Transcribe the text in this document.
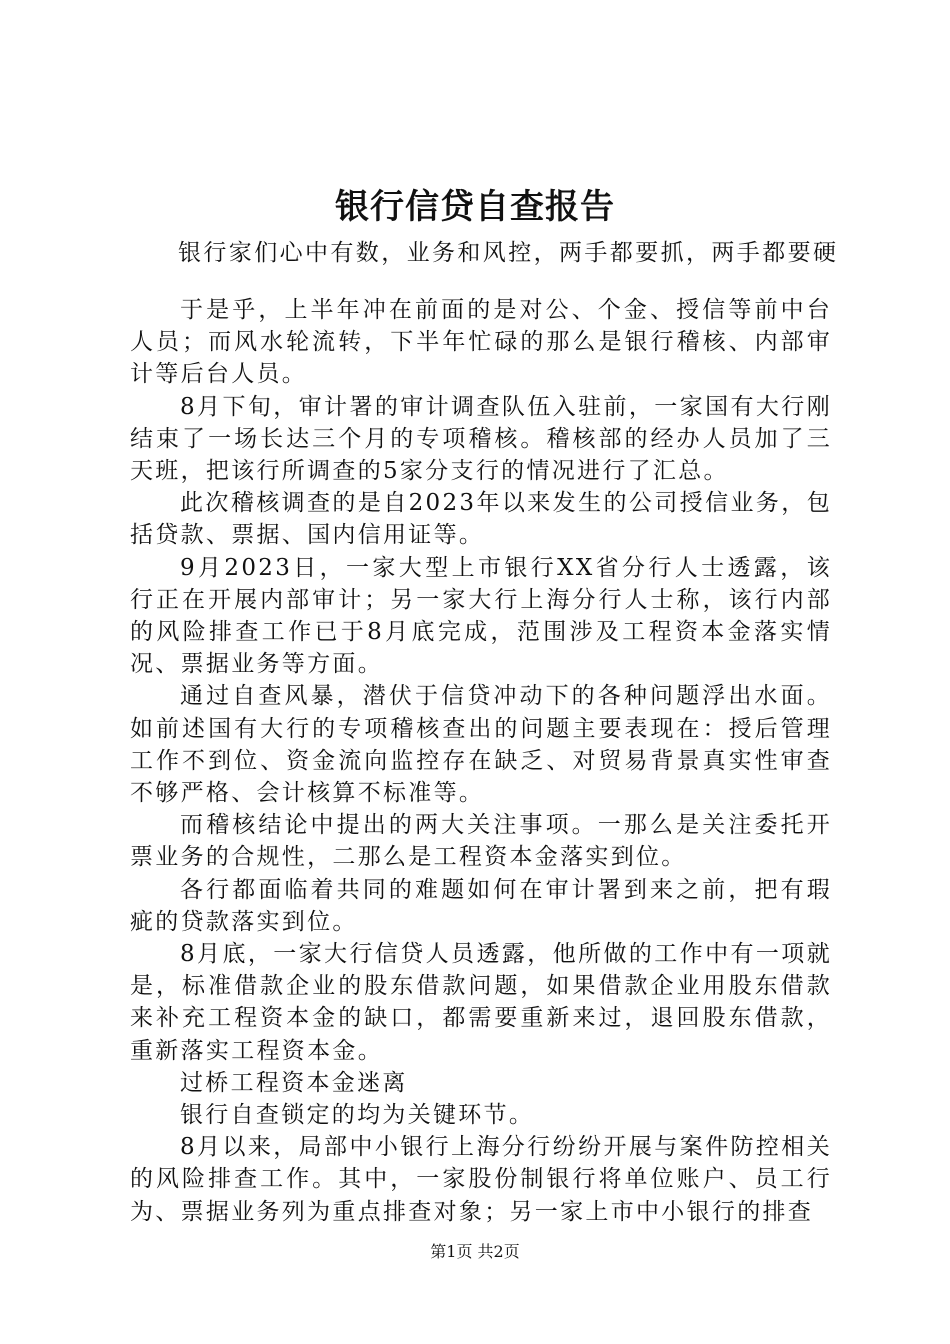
银行信贷自查报告

银行家们心中有数，业务和风控，两手都要抓，两手都要硬

于是乎，上半年冲在前面的是对公、个金、授信等前中台人员；而风水轮流转，下半年忙碌的那么是银行稽核、内部审计等后台人员。

8月下旬，审计署的审计调查队伍入驻前，一家国有大行刚结束了一场长达三个月的专项稽核。稽核部的经办人员加了三天班，把该行所调查的5家分支行的情况进行了汇总。

此次稽核调查的是自2023年以来发生的公司授信业务，包括贷款、票据、国内信用证等。

9月2023日，一家大型上市银行XX省分行人士透露，该行正在开展内部审计；另一家大行上海分行人士称，该行内部的风险排查工作已于8月底完成，范围涉及工程资本金落实情况、票据业务等方面。

通过自查风暴，潜伏于信贷冲动下的各种问题浮出水面。如前述国有大行的专项稽核查出的问题主要表现在：授后管理工作不到位、资金流向监控存在缺乏、对贸易背景真实性审查不够严格、会计核算不标准等。

而稽核结论中提出的两大关注事项。一那么是关注委托开票业务的合规性，二那么是工程资本金落实到位。

各行都面临着共同的难题如何在审计署到来之前，把有瑕疵的贷款落实到位。

8月底，一家大行信贷人员透露，他所做的工作中有一项就是，标准借款企业的股东借款问题，如果借款企业用股东借款来补充工程资本金的缺口，都需要重新来过，退回股东借款，重新落实工程资本金。

过桥工程资本金迷离

银行自查锁定的均为关键环节。

8月以来，局部中小银行上海分行纷纷开展与案件防控相关的风险排查工作。其中，一家股份制银行将单位账户、员工行为、票据业务列为重点排查对象；另一家上市中小银行的排查

第1页 共2页
